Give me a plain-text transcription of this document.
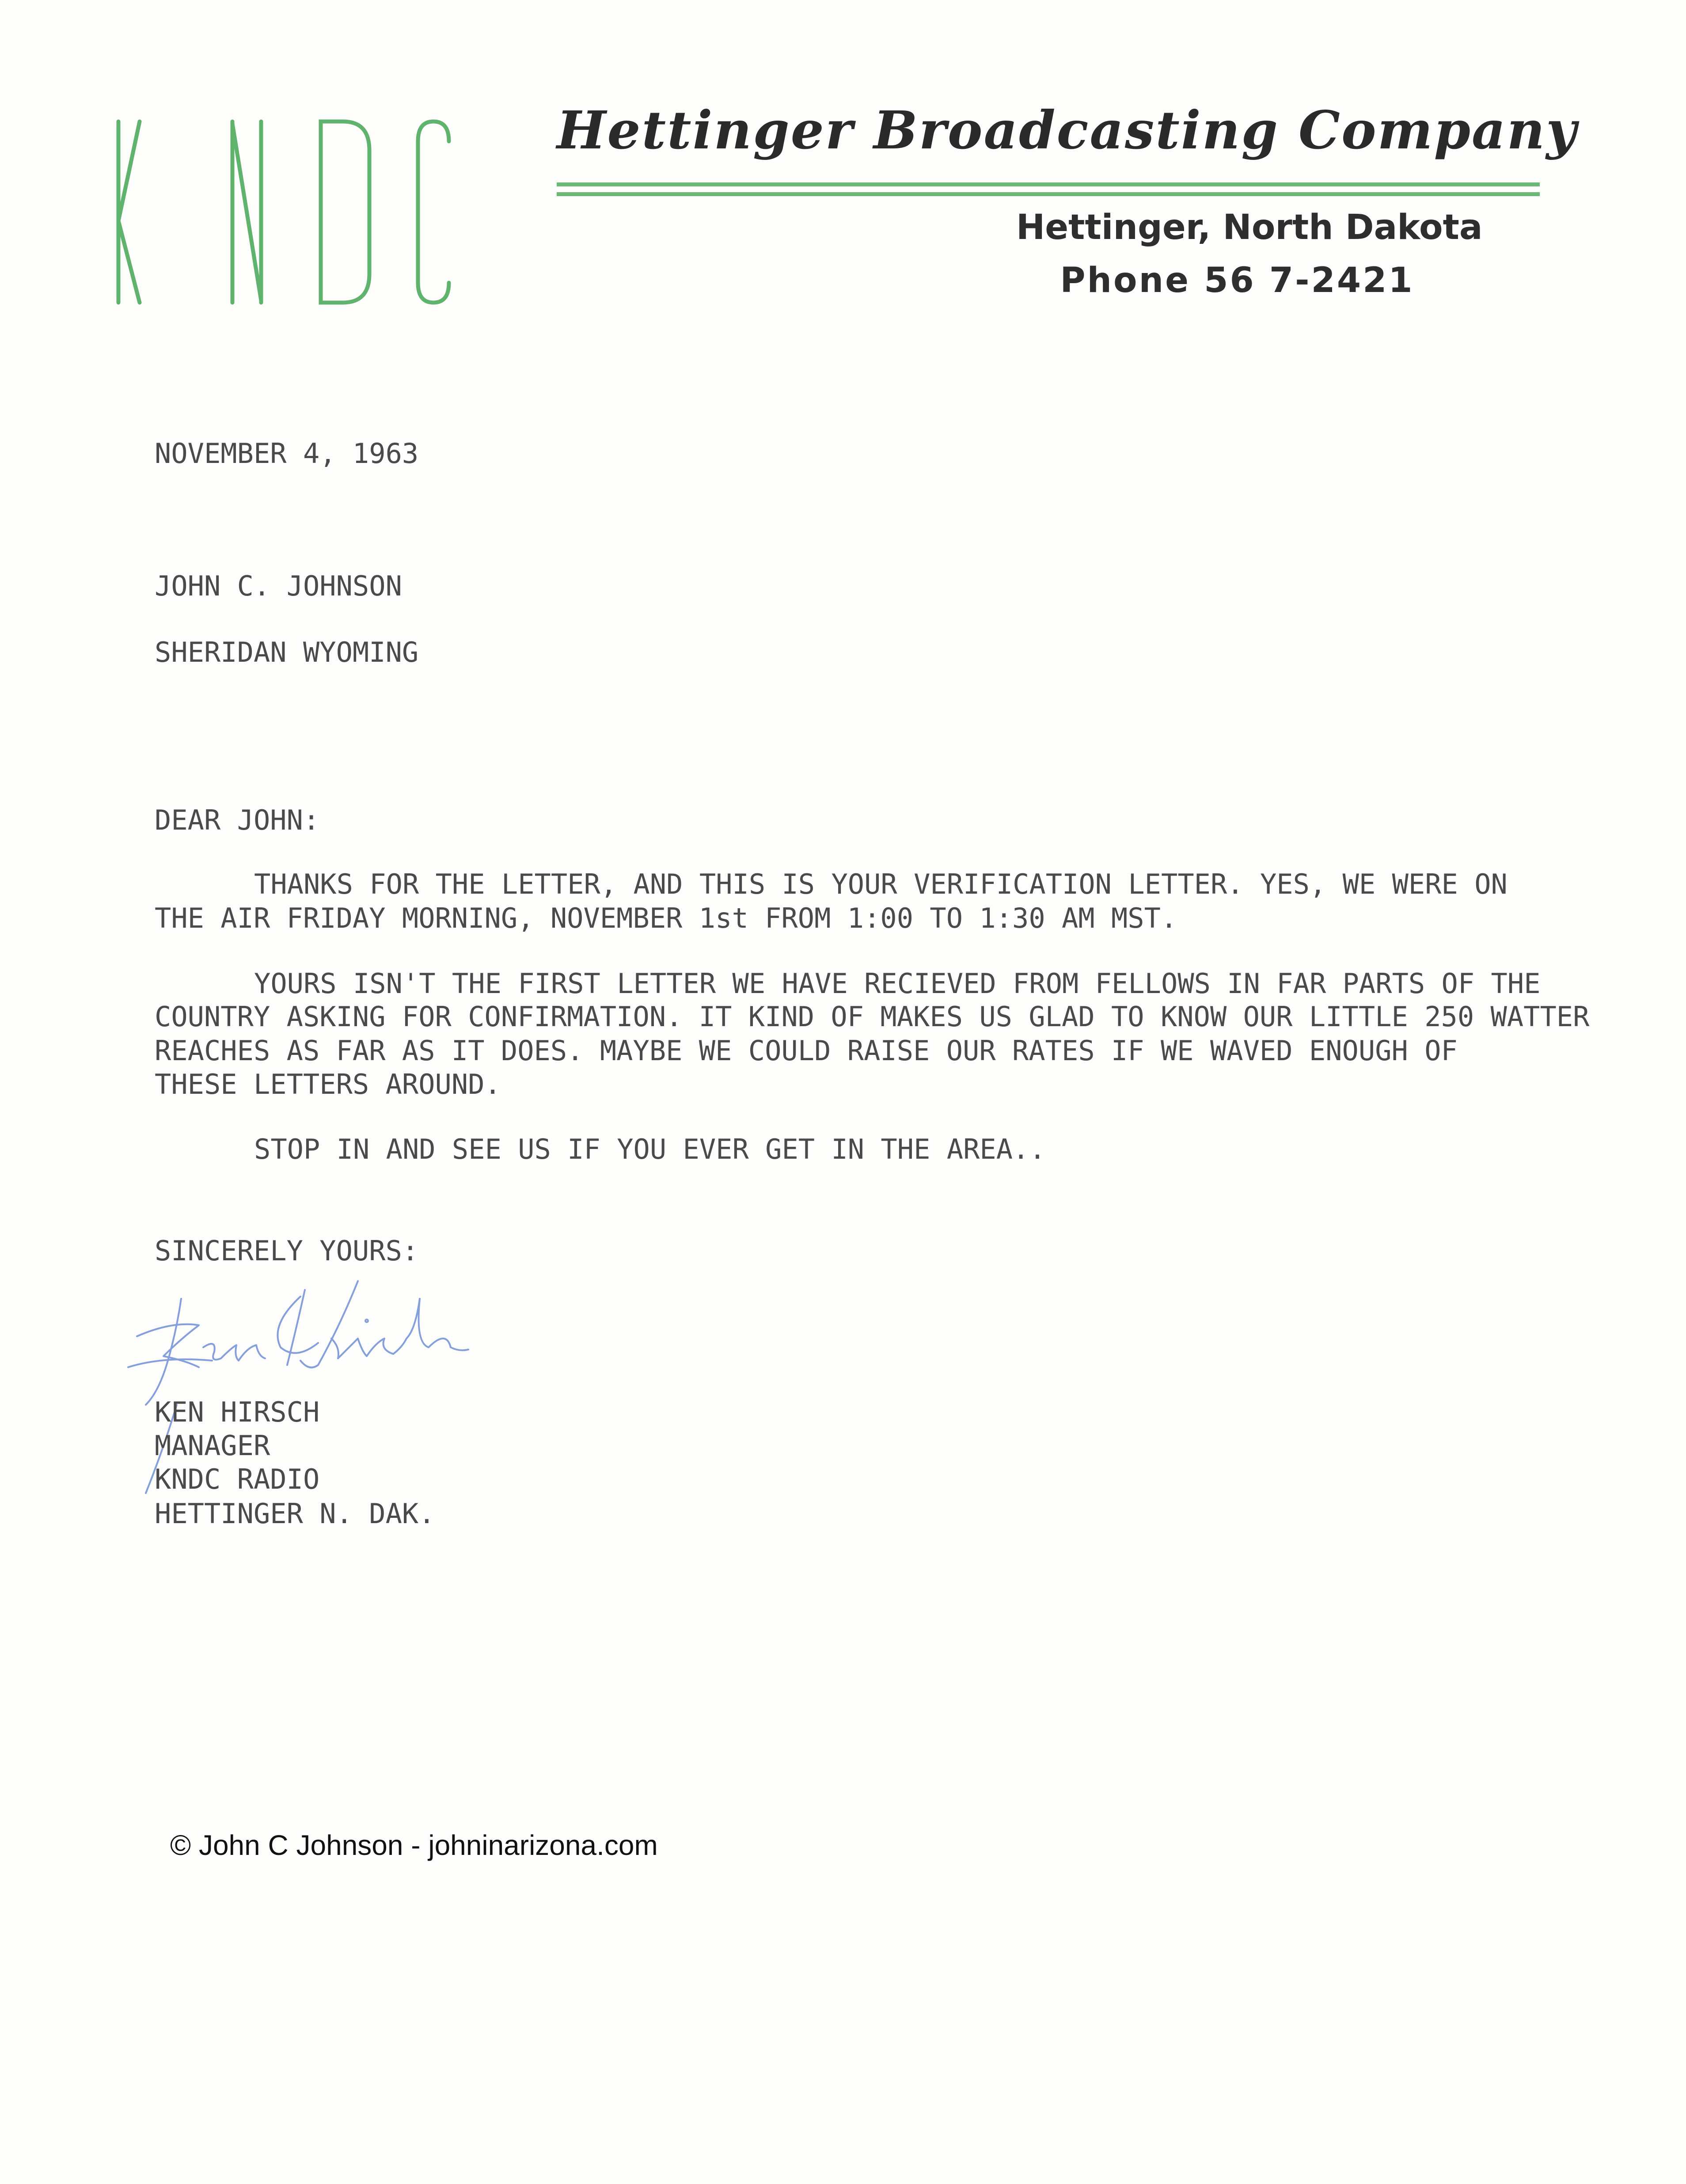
Hettinger Broadcasting Company
Hettinger, North Dakota
Phone 56 7-2421
NOVEMBER 4, 1963
JOHN C. JOHNSON
SHERIDAN WYOMING
DEAR JOHN:
THANKS FOR THE LETTER, AND THIS IS YOUR VERIFICATION LETTER. YES, WE WERE ON
THE AIR FRIDAY MORNING, NOVEMBER 1st FROM 1:00 TO 1:30 AM MST.
YOURS ISN'T THE FIRST LETTER WE HAVE RECIEVED FROM FELLOWS IN FAR PARTS OF THE
COUNTRY ASKING FOR CONFIRMATION. IT KIND OF MAKES US GLAD TO KNOW OUR LITTLE 250 WATTER
REACHES AS FAR AS IT DOES. MAYBE WE COULD RAISE OUR RATES IF WE WAVED ENOUGH OF
THESE LETTERS AROUND.
STOP IN AND SEE US IF YOU EVER GET IN THE AREA..
SINCERELY YOURS:
KEN HIRSCH
MANAGER
KNDC RADIO
HETTINGER N. DAK.
© John C Johnson - johninarizona.com
